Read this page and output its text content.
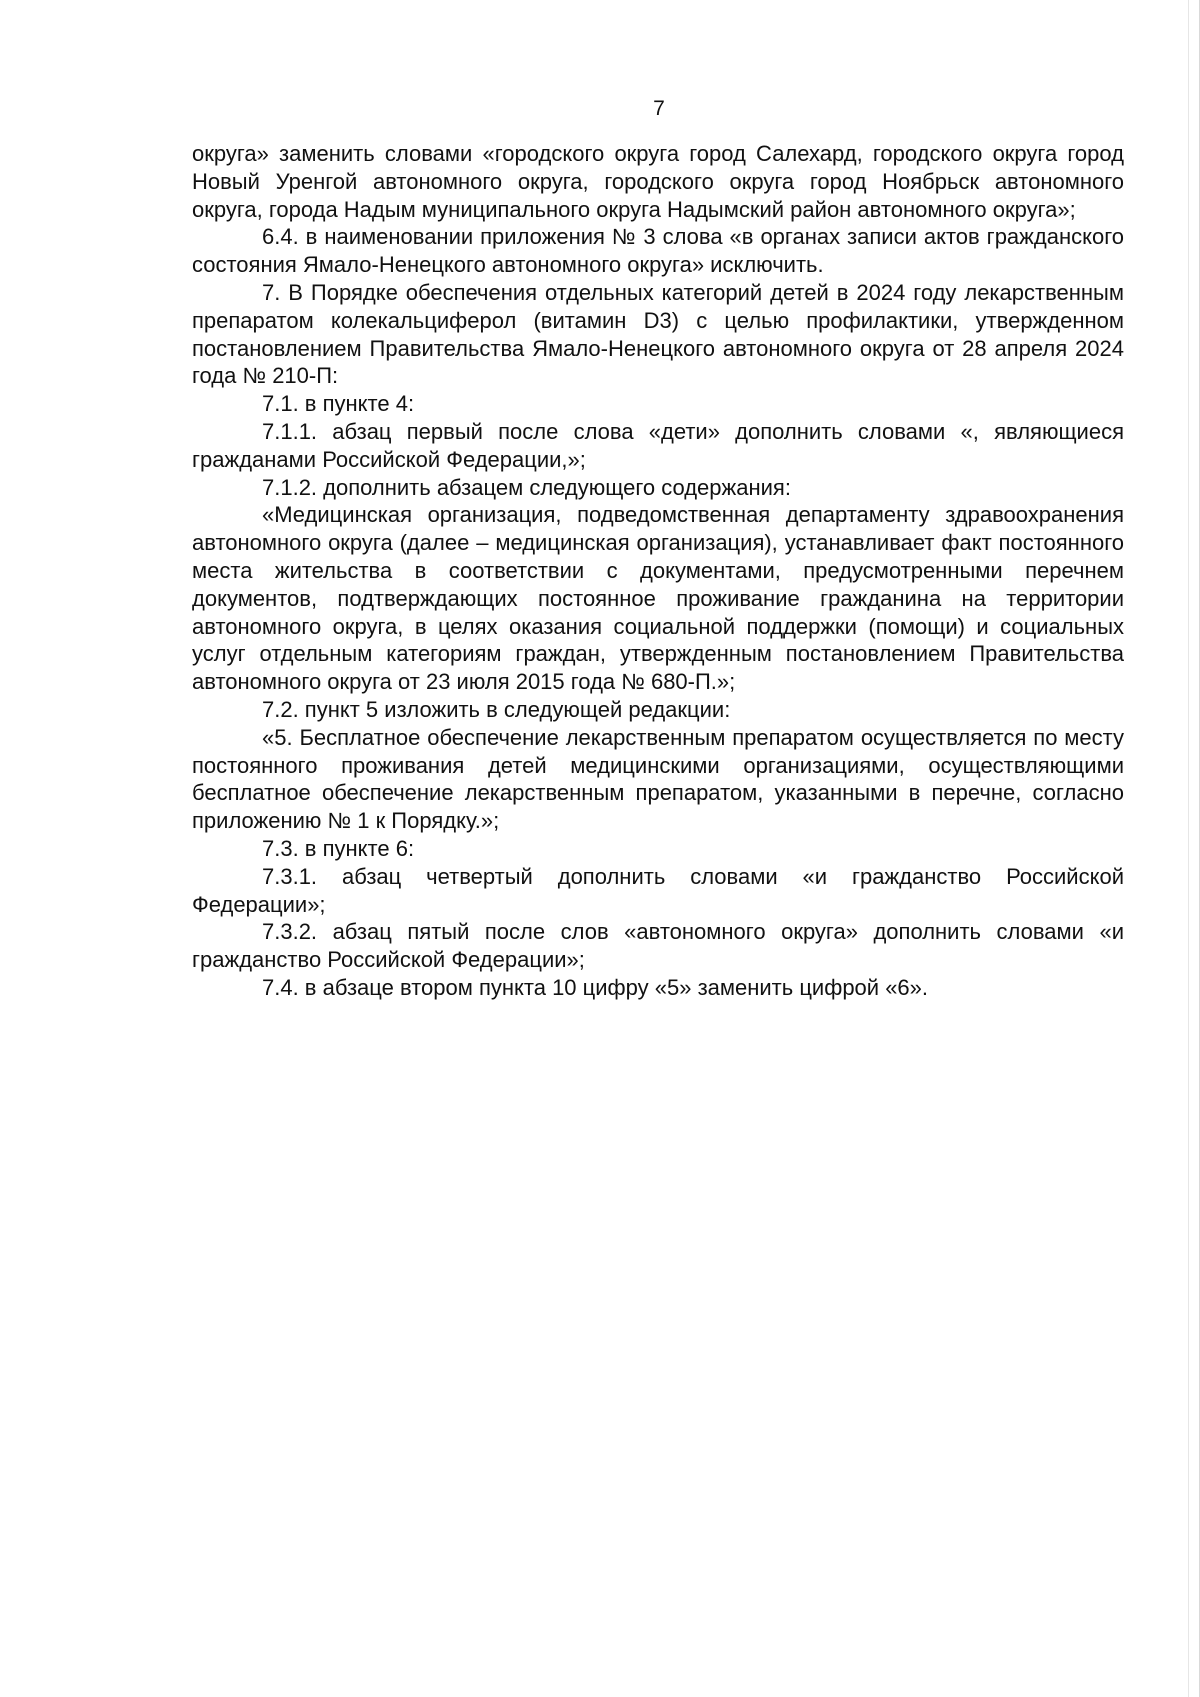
7

округа» заменить словами «городского округа город Салехард, городского округа город Новый Уренгой автономного округа, городского округа город Ноябрьск автономного округа, города Надым муниципального округа Надымский район автономного округа»;

6.4. в наименовании приложения № 3 слова «в органах записи актов гражданского состояния Ямало-Ненецкого автономного округа» исключить.

7. В Порядке обеспечения отдельных категорий детей в 2024 году лекарственным препаратом колекальциферол (витамин D3) с целью профилактики, утвержденном постановлением Правительства Ямало-Ненецкого автономного округа от 28 апреля 2024 года № 210-П:

7.1. в пункте 4:

7.1.1. абзац первый после слова «дети» дополнить словами «, являющиеся гражданами Российской Федерации,»;

7.1.2. дополнить абзацем следующего содержания:

«Медицинская организация, подведомственная департаменту здравоохранения автономного округа (далее – медицинская организация), устанавливает факт постоянного места жительства в соответствии с документами, предусмотренными перечнем документов, подтверждающих постоянное проживание гражданина на территории автономного округа, в целях оказания социальной поддержки (помощи) и социальных услуг отдельным категориям граждан, утвержденным постановлением Правительства автономного округа от 23 июля 2015 года № 680-П.»;

7.2. пункт 5 изложить в следующей редакции:

«5. Бесплатное обеспечение лекарственным препаратом осуществляется по месту постоянного проживания детей медицинскими организациями, осуществляющими бесплатное обеспечение лекарственным препаратом, указанными в перечне, согласно приложению № 1 к Порядку.»;

7.3. в пункте 6:

7.3.1. абзац четвертый дополнить словами «и гражданство Российской Федерации»;

7.3.2. абзац пятый после слов «автономного округа» дополнить словами «и гражданство Российской Федерации»;

7.4. в абзаце втором пункта 10 цифру «5» заменить цифрой «6».
